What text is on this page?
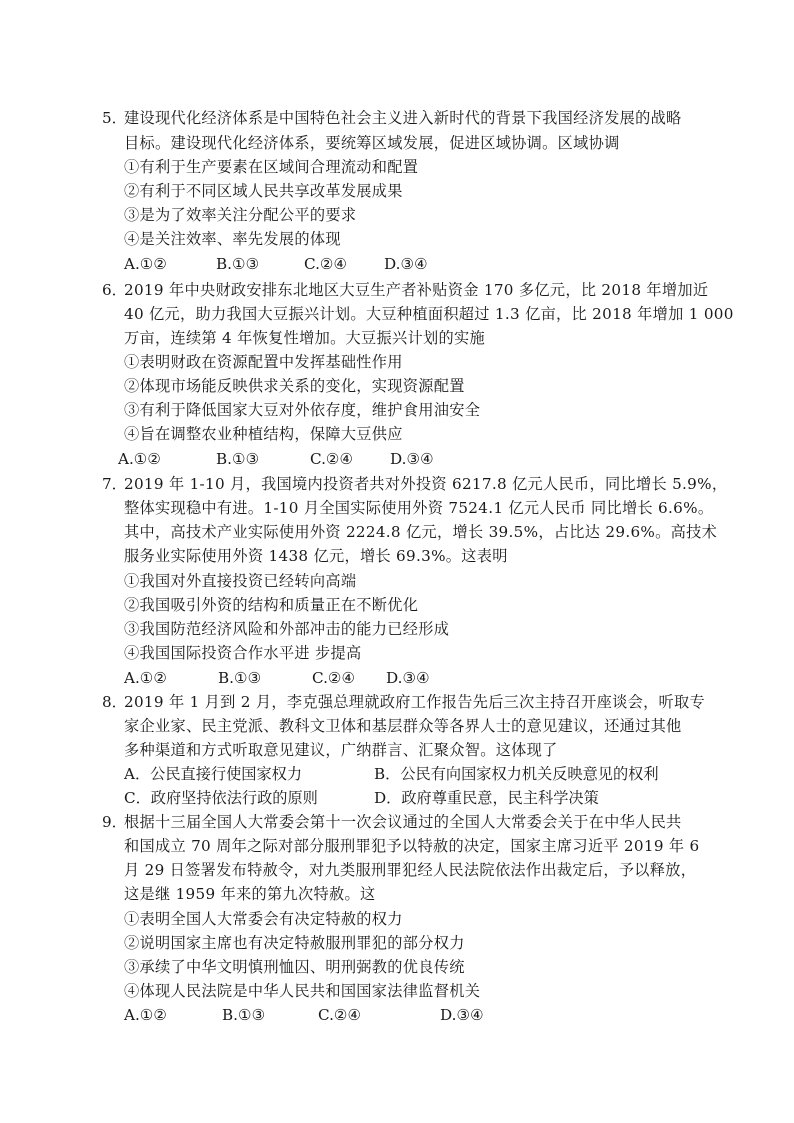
5．
建设现代化经济体系是中国特色社会主义进入新时代的背景下我国经济发展的战略
目标。建设现代化经济体系，要统筹区域发展，促进区域协调。区域协调
①有利于生产要素在区域间合理流动和配置
②有利于不同区域人民共享改革发展成果
③是为了效率关注分配公平的要求
④是关注效率、率先发展的体现
A.①②	B.①③	C.②④ D.③④
6．
2019 年中央财政安排东北地区大豆生产者补贴资金 170 多亿元，比 2018 年增加近
40 亿元，助力我国大豆振兴计划。大豆种植面积超过 1.3 亿亩，比 2018 年增加 1 000
万亩，连续第 4 年恢复性增加。大豆振兴计划的实施
①表明财政在资源配置中发挥基础性作用
②体现市场能反映供求关系的变化，实现资源配置
③有利于降低国家大豆对外依存度，维护食用油安全
④旨在调整农业种植结构，保障大豆供应
A.①②	B.①③	C.②④ D.③④
7．
2019 年 1-10 月，我国境内投资者共对外投资 6217.8 亿元人民币，同比增长 5.9%，
整体实现稳中有进。1-10 月全国实际使用外资 7524.1 亿元人民币 同比增长 6.6%。
其中，高技术产业实际使用外资 2224.8 亿元，增长 39.5%，占比达 29.6%。高技术
服务业实际使用外资 1438 亿元，增长 69.3%。这表明
①我国对外直接投资已经转向高端
②我国吸引外资的结构和质量正在不断优化
③我国防范经济风险和外部冲击的能力已经形成
④我国国际投资合作水平进 步提高
A.①②	B.①③	C.②④ D.③④
8．
2019 年 1 月到 2 月，李克强总理就政府工作报告先后三次主持召开座谈会，听取专
家企业家、民主党派、教科文卫体和基层群众等各界人士的意见建议，还通过其他
多种渠道和方式听取意见建议，广纳群言、汇聚众智。这体现了
A．公民直接行使国家权力	B．公民有向国家权力机关反映意见的权利
C．政府坚持依法行政的原则	D．政府尊重民意，民主科学决策
9．
根据十三届全国人大常委会第十一次会议通过的全国人大常委会关于在中华人民共
和国成立 70 周年之际对部分服刑罪犯予以特赦的决定，国家主席习近平 2019 年 6
月 29 日签署发布特赦令，对九类服刑罪犯经人民法院依法作出裁定后，予以释放，
这是继 1959 年来的第九次特赦。这
①表明全国人大常委会有决定特赦的权力
②说明国家主席也有决定特赦服刑罪犯的部分权力
③承续了中华文明慎刑恤囚、明刑弼教的优良传统
④体现人民法院是中华人民共和国国家法律监督机关
A.①②	B.①③	C.②④	D.③④
